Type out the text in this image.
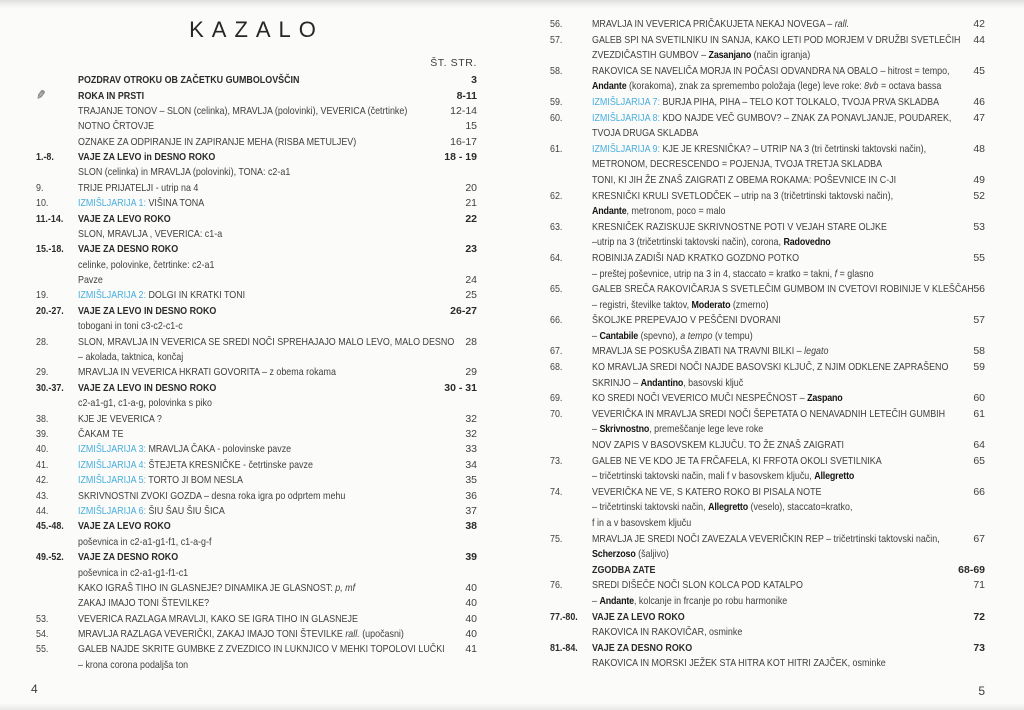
KAZALO
ŠT. STR.
POZDRAV OTROKU OB ZAČETKU GUMBOLOVŠČIN	3
✎	ROKA IN PRSTI	8-11
TRAJANJE TONOV – SLON (celinka), MRAVLJA (polovinki), VEVERICA (četrtinke)	12-14
NOTNO ČRTOVJE	15
OZNAKE ZA ODPIRANJE IN ZAPIRANJE MEHA (RISBA METULJEV)	16-17
1.-8.	VAJE ZA LEVO in DESNO ROKO	18 - 19
SLON (celinka) in MRAVLJA (polovinki), TONA: c2-a1
9.	TRIJE PRIJATELJI - utrip na 4	20
10.	IZMIŠLJARIJA 1: VIŠINA TONA	21
11.-14.	VAJE ZA LEVO ROKO	22
SLON, MRAVLJA , VEVERICA: c1-a
15.-18.	VAJE ZA DESNO ROKO	23
celinke, polovinke, četrtinke: c2-a1
Pavze	24
19.	IZMIŠLJARIJA 2: DOLGI IN KRATKI TONI	25
20.-27.	VAJE ZA LEVO IN DESNO ROKO	26-27
tobogani in toni c3-c2-c1-c
28.	SLON, MRAVLJA IN VEVERICA SE SREDI NOČI SPREHAJAJO MALO LEVO, MALO DESNO	28
– akolada, taktnica, končaj
29.	MRAVLJA IN VEVERICA HKRATI GOVORITA – z obema rokama	29
30.-37.	VAJE ZA LEVO IN DESNO ROKO	30 - 31
c2-a1-g1, c1-a-g, polovinka s piko
38.	KJE JE VEVERICA ?	32
39.	ČAKAM TE	32
40.	IZMIŠLJARIJA 3: MRAVLJA ČAKA - polovinske pavze	33
41.	IZMIŠLJARIJA 4: ŠTEJETA KRESNIČKE - četrtinske pavze	34
42.	IZMIŠLJARIJA 5: TORTO JI BOM NESLA	35
43.	SKRIVNOSTNI ZVOKI GOZDA – desna roka igra po odprtem mehu	36
44.	IZMIŠLJARIJA 6: ŠIU ŠAU ŠIU ŠICA	37
45.-48.	VAJE ZA LEVO ROKO	38
poševnica in c2-a1-g1-f1, c1-a-g-f
49.-52.	VAJE ZA DESNO ROKO	39
poševnica in c2-a1-g1-f1-c1
KAKO IGRAŠ TIHO IN GLASNEJE? DINAMIKA JE GLASNOST: p, mf	40
ZAKAJ IMAJO TONI ŠTEVILKE?	40
53.	VEVERICA RAZLAGA MRAVLJI, KAKO SE IGRA TIHO IN GLASNEJE	40
54.	MRAVLJA RAZLAGA VEVERIČKI, ZAKAJ IMAJO TONI ŠTEVILKE rall. (upočasni)	40
55.	GALEB NAJDE SKRITE GUMBKE Z ZVEZDICO IN LUKNJICO V MEHKI TOPOLOVI LUČKI	41
– krona corona podaljša ton
56.	MRAVLJA IN VEVERICA PRIČAKUJETA NEKAJ NOVEGA – rall.	42
57.	GALEB SPI NA SVETILNIKU IN SANJA, KAKO LETI POD MORJEM V DRUŽBI SVETLEČIH	44
ZVEZDIČASTIH GUMBOV – Zasanjano (način igranja)
58.	RAKOVICA SE NAVELIČA MORJA IN POČASI ODVANDRA NA OBALO – hitrost = tempo,	45
Andante (korakoma), znak za spremembo položaja (lege) leve roke: 8vb = octava bassa
59.	IZMIŠLJARIJA 7: BURJA PIHA, PIHA – TELO KOT TOLKALO, TVOJA PRVA SKLADBA	46
60.	IZMIŠLJARIJA 8: KDO NAJDE VEČ GUMBOV? – ZNAK ZA PONAVLJANJE, POUDAREK,	47
TVOJA DRUGA SKLADBA
61.	IZMIŠLJARIJA 9: KJE JE KRESNIČKA? – UTRIP NA 3 (tri četrtinski taktovski način),	48
METRONOM, DECRESCENDO = POJENJA, TVOJA TRETJA SKLADBA
TONI, KI JIH ŽE ZNAŠ ZAIGRATI Z OBEMA ROKAMA: POŠEVNICE IN C-JI	49
62.	KRESNIČKI KRULI SVETLODČEK – utrip na 3 (tričetrtinski taktovski način),	52
Andante, metronom, poco = malo
63.	KRESNIČEK RAZISKUJE SKRIVNOSTNE POTI V VEJAH STARE OLJKE	53
–utrip na 3 (tričetrtinski taktovski način), corona, Radovedno
64.	ROBINIJA ZADIŠI NAD KRATKO GOZDNO POTKO	55
– preštej poševnice, utrip na 3 in 4, staccato = kratko = takni, f = glasno
65.	GALEB SREČA RAKOVIČARJA S SVETLEČIM GUMBOM IN CVETOVI ROBINIJE V KLEŠČAH 56
– registri, številke taktov, Moderato (zmerno)
66.	ŠKOLJKE PREPEVAJO V PEŠČENI DVORANI	57
– Cantabile (spevno), a tempo (v tempu)
67.	MRAVLJA SE POSKUŠA ZIBATI NA TRAVNI BILKI – legato	58
68.	KO MRAVLJA SREDI NOČI NAJDE BASOVSKI KLJUČ, Z NJIM ODKLENE ZAPRAŠENO	59
SKRINJO – Andantino, basovski ključ
69.	KO SREDI NOČI VEVERICO MUČI NESPEČNOST – Zaspano	60
70.	VEVERIČKA IN MRAVLJA SREDI NOČI ŠEPETATA O NENAVADNIH LETEČIH GUMBIH	61
– Skrivnostno, premeščanje lege leve roke
NOV ZAPIS V BASOVSKEM KLJUČU. TO ŽE ZNAŠ ZAIGRATI	64
73.	GALEB NE VE KDO JE TA FRČAFELA, KI FRFOTA OKOLI SVETILNIKA	65
– tričetrtinski taktovski način, mali f v basovskem ključu, Allegretto
74.	VEVERIČKA NE VE, S KATERO ROKO BI PISALA NOTE	66
– tričetrtinski taktovski način, Allegretto (veselo), staccato=kratko,
f in a v basovskem ključu
75.	MRAVLJA JE SREDI NOČI ZAVEZALA VEVERIČKIN REP – tričetrtinski taktovski način,	67
Scherzoso (šaljivo)
ZGODBA ZATE	68-69
76.	SREDI DIŠEČE NOČI SLON KOLCA POD KATALPO	71
– Andante, kolcanje in frcanje po robu harmonike
77.-80.	VAJE ZA LEVO ROKO	72
RAKOVICA IN RAKOVIČAR, osminke
81.-84.	VAJE ZA DESNO ROKO	73
RAKOVICA IN MORSKI JEŽEK STA HITRA KOT HITRI ZAJČEK, osminke
4	5
